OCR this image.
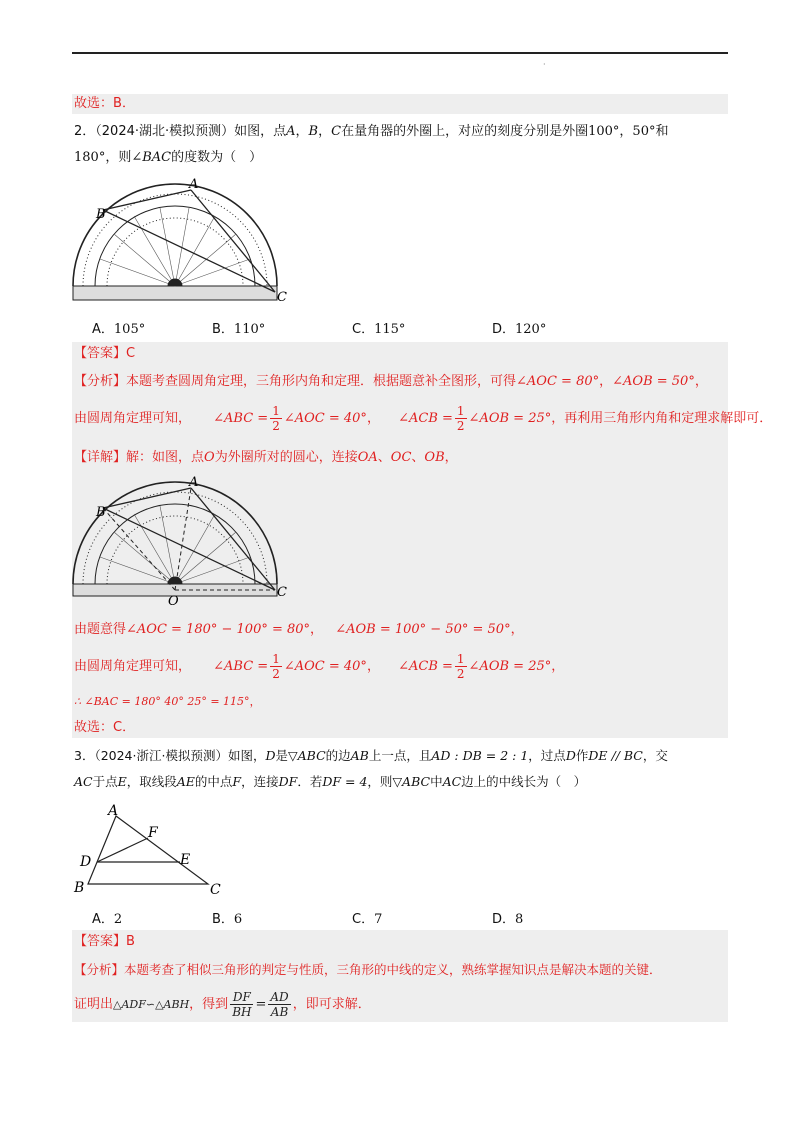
·
故选：B．
2．（2024·湖北·模拟预测）如图，点A，B，C在量角器的外圈上，对应的刻度分别是外圈100°，50°和
180°，则∠BAC的度数为（　）
A
B
C
A．105°	B．110°	C．115°	D．120°
【答案】C
【分析】本题考查圆周角定理，三角形内角和定理．根据题意补全图形，可得∠AOC = 80°，∠AOB = 50°，
由圆周角定理可知， ∠ABC = $\frac{1}{2}$ ∠AOC = 40°， ∠ACB = $\frac{1}{2}$ ∠AOB = 25°，再利用三角形内角和定理求解即可．
【详解】解：如图，点O为外圈所对的圆心，连接OA、OC、OB，
A
B
C
O
由题意得∠AOC = 180° − 100° = 80°， ∠AOB = 100° − 50° = 50°，
由圆周角定理可知， ∠ABC = $\frac{1}{2}$ ∠AOC = 40°， ∠ACB = $\frac{1}{2}$ ∠AOB = 25°，
∴ ∠BAC = 180° 40° 25° = 115°，
故选：C．
3．（2024·浙江·模拟预测）如图，D是▽ABC的边AB上一点，且AD : DB = 2 : 1，过点D作DE // BC，交
AC于点E，取线段AE的中点F，连接DF．若DF = 4，则▽ABC中AC边上的中线长为（　）
A
B	C
D	E
F
A．2	B．6	C．7	D．8
【答案】B
【分析】本题考查了相似三角形的判定与性质，三角形的中线的定义，熟练掌握知识点是解决本题的关键．
证明出△ADF∽△ABH，得到 $\frac{DF}{BH} = \frac{AD}{AB}$ ，即可求解．
